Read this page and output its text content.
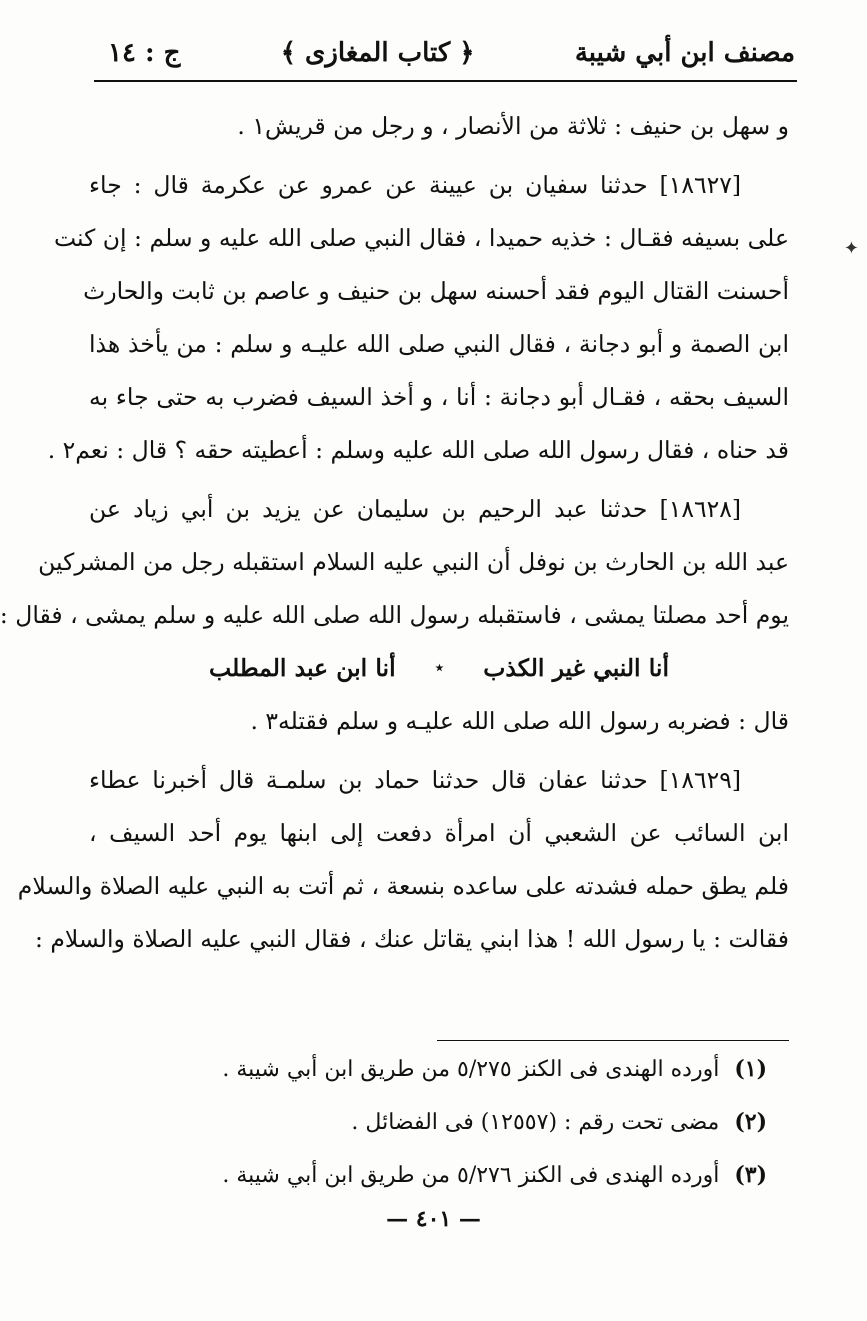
مصنف ابن أبي شيبة
﴿ كتاب المغازى ﴾
ج : ١٤
✦
و سهل بن حنيف : ثلاثة من الأنصار ، و رجل من قريش١ .
[١٨٦٢٧] حدثنا سفيان بن عيينة عن عمرو عن عكرمة قال : جاء
على بسيفه فقـال : خذيه حميدا ، فقال النبي صلى الله عليه و سلم : إن كنت
أحسنت القتال اليوم فقد أحسنه سهل بن حنيف و عاصم بن ثابت والحارث
ابن الصمة و أبو دجانة ، فقال النبي صلى الله عليـه و سلم : من يأخذ هذا
السيف بحقه ، فقـال أبو دجانة : أنا ، و أخذ السيف فضرب به حتى جاء به
قد حناه ، فقال رسول الله صلى الله عليه وسلم : أعطيته حقه ؟ قال : نعم٢ .
[١٨٦٢٨] حدثنا عبد الرحيم بن سليمان عن يزيد بن أبي زياد عن
عبد الله بن الحارث بن نوفل أن النبي عليه السلام استقبله رجل من المشركين
يوم أحد مصلتا يمشى ، فاستقبله رسول الله صلى الله عليه و سلم يمشى ، فقال :
أنا النبي غير الكذب
٭
أنا ابن عبد المطلب
قال : فضربه رسول الله صلى الله عليـه و سلم فقتله٣ .
[١٨٦٢٩] حدثنا عفان قال حدثنا حماد بن سلمـة قال أخبرنا عطاء
ابن السائب عن الشعبي أن امرأة دفعت إلى ابنها يوم أحد السيف ،
فلم يطق حمله فشدته على ساعده بنسعة ، ثم أتت به النبي عليه الصلاة والسلام
فقالت : يا رسول الله ! هذا ابني يقاتل عنك ، فقال النبي عليه الصلاة والسلام :
(١) أورده الهندى فى الكنز ٥/٢٧٥ من طريق ابن أبي شيبة .
(٢) مضى تحت رقم : (١٢٥٥٧) فى الفضائل .
(٣) أورده الهندى فى الكنز ٥/٢٧٦ من طريق ابن أبي شيبة .
— ٤٠١ —
